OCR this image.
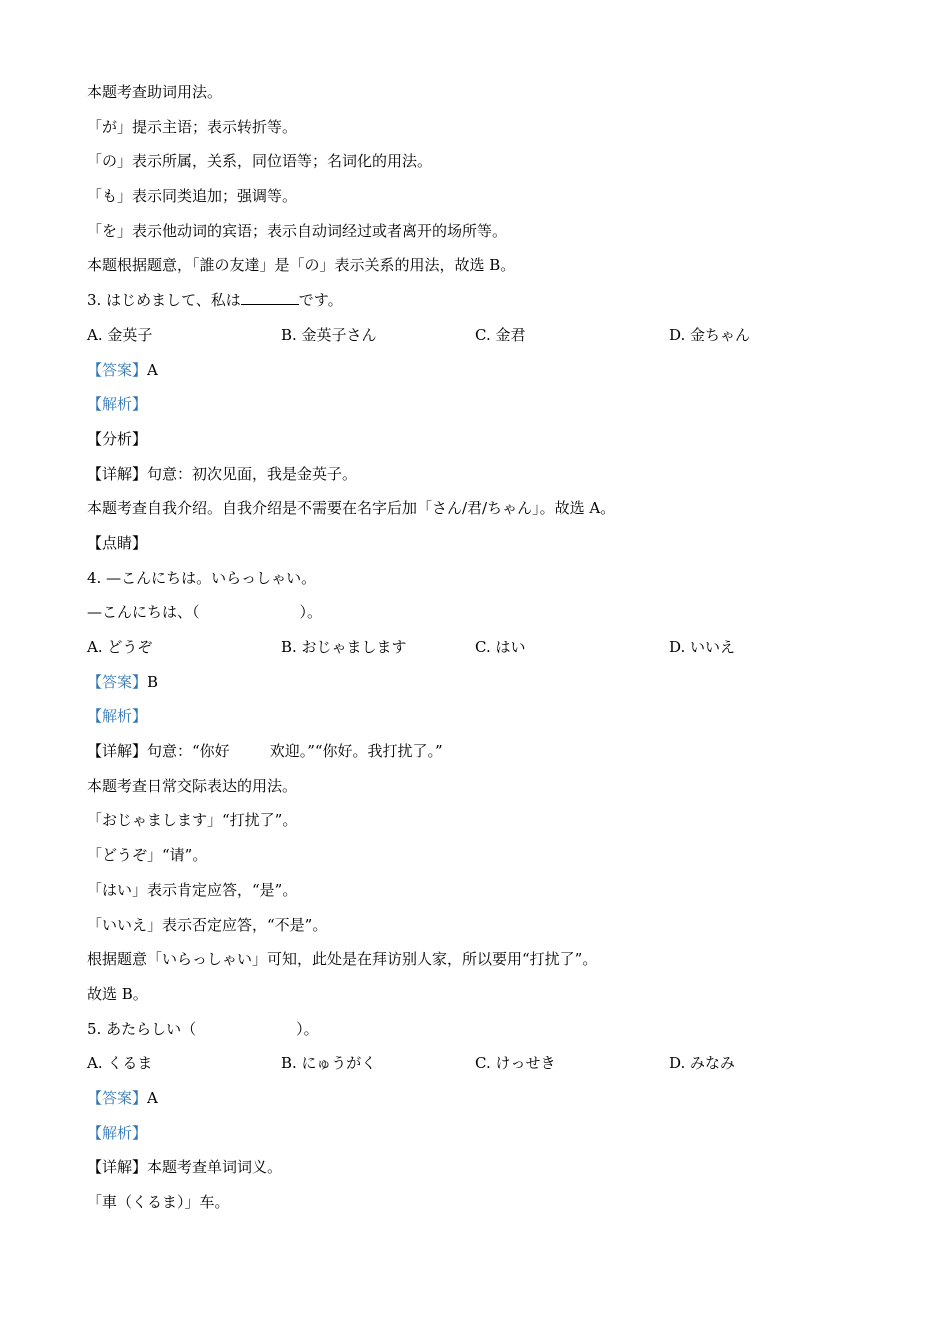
本题考查助词用法。
「が」提示主语；表示转折等。
「の」表示所属，关系，同位语等；名词化的用法。
「も」表示同类追加；强调等。
「を」表示他动词的宾语；表示自动词经过或者离开的场所等。
本题根据题意，「誰の友達」是「の」表示关系的用法，故选 B。
3. はじめまして、私は	です。
A. 金英子	B. 金英子さん	C. 金君	D. 金ちゃん
【答案】A
【解析】
【分析】
【详解】句意：初次见面，我是金英子。
本题考查自我介绍。自我介绍是不需要在名字后加「さん/君/ちゃん」。故选 A。
【点睛】
4. —こんにちは。いらっしゃい。
—こんにちは、（	）。
A. どうぞ	B. おじゃまします	C. はい	D. いいえ
【答案】B
【解析】
【详解】句意：“你好	欢迎。”“你好。我打扰了。”
本题考查日常交际表达的用法。
「おじゃまします」“打扰了”。
「どうぞ」“请”。
「はい」表示肯定应答，“是”。
「いいえ」表示否定应答，“不是”。
根据题意「いらっしゃい」可知，此处是在拜访别人家，所以要用“打扰了”。
故选 B。
5. あたらしい（	）。
A. くるま	B. にゅうがく	C. けっせき	D. みなみ
【答案】A
【解析】
【详解】本题考查单词词义。
「車（くるま）」车。
